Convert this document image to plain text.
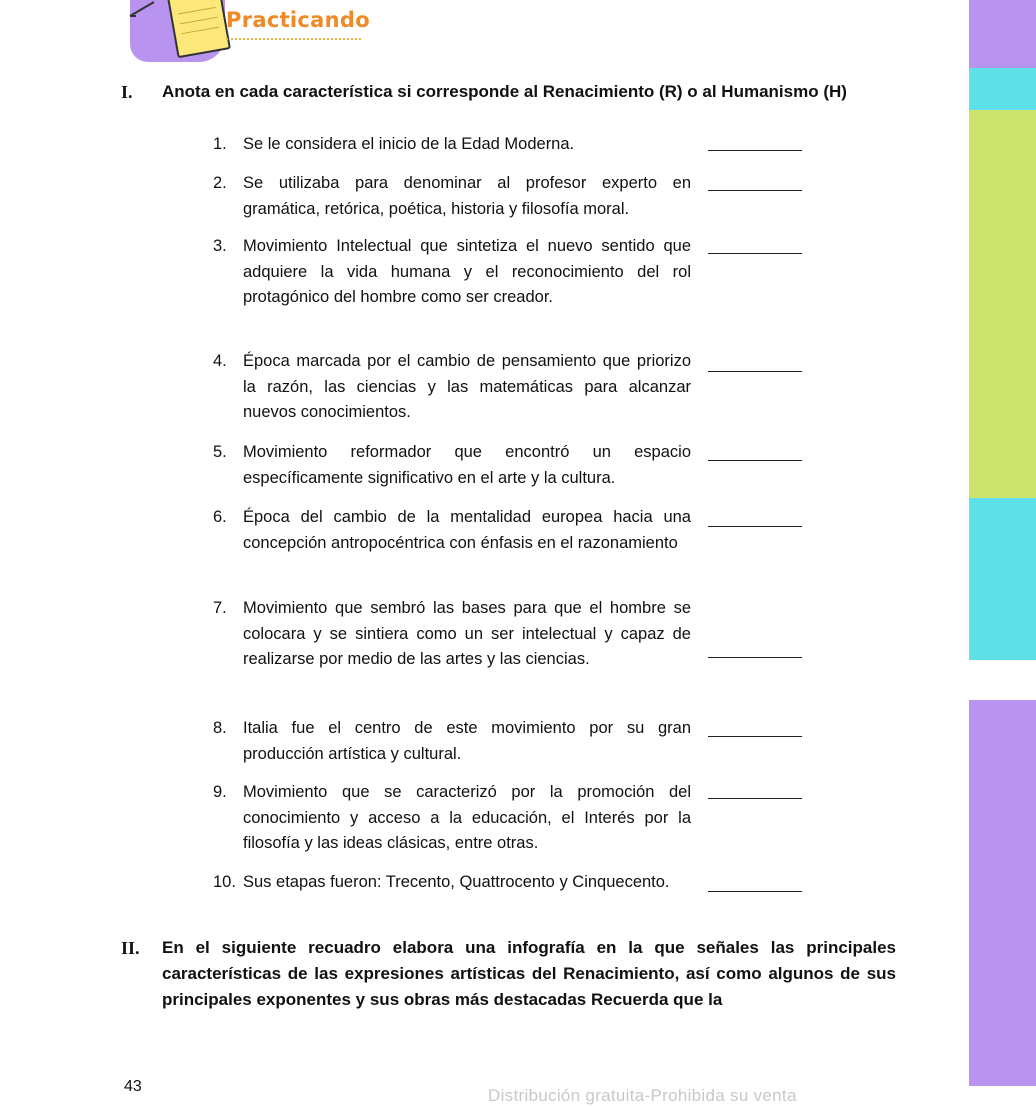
Practicando
I. Anota en cada característica si corresponde al Renacimiento (R) o al Humanismo (H)
1. Se le considera el inicio de la Edad Moderna.
2. Se utilizaba para denominar al profesor experto en gramática, retórica, poética, historia y filosofía moral.
3. Movimiento Intelectual que sintetiza el nuevo sentido que adquiere la vida humana y el reconocimiento del rol protagónico del hombre como ser creador.
4. Época marcada por el cambio de pensamiento que priorizo la razón, las ciencias y las matemáticas para alcanzar nuevos conocimientos.
5. Movimiento reformador que encontró un espacio específicamente significativo en el arte y la cultura.
6. Época del cambio de la mentalidad europea hacia una concepción antropocéntrica con énfasis en el razonamiento
7. Movimiento que sembró las bases para que el hombre se colocara y se sintiera como un ser intelectual y capaz de realizarse por medio de las artes y las ciencias.
8. Italia fue el centro de este movimiento por su gran producción artística y cultural.
9. Movimiento que se caracterizó por la promoción del conocimiento y acceso a la educación, el Interés por la filosofía y las ideas clásicas, entre otras.
10. Sus etapas fueron: Trecento, Quattrocento y Cinquecento.
II. En el siguiente recuadro elabora una infografía en la que señales las principales características de las expresiones artísticas del Renacimiento, así como algunos de sus principales exponentes y sus obras más destacadas Recuerda que la
43	Distribución gratuita-Prohibida su venta
